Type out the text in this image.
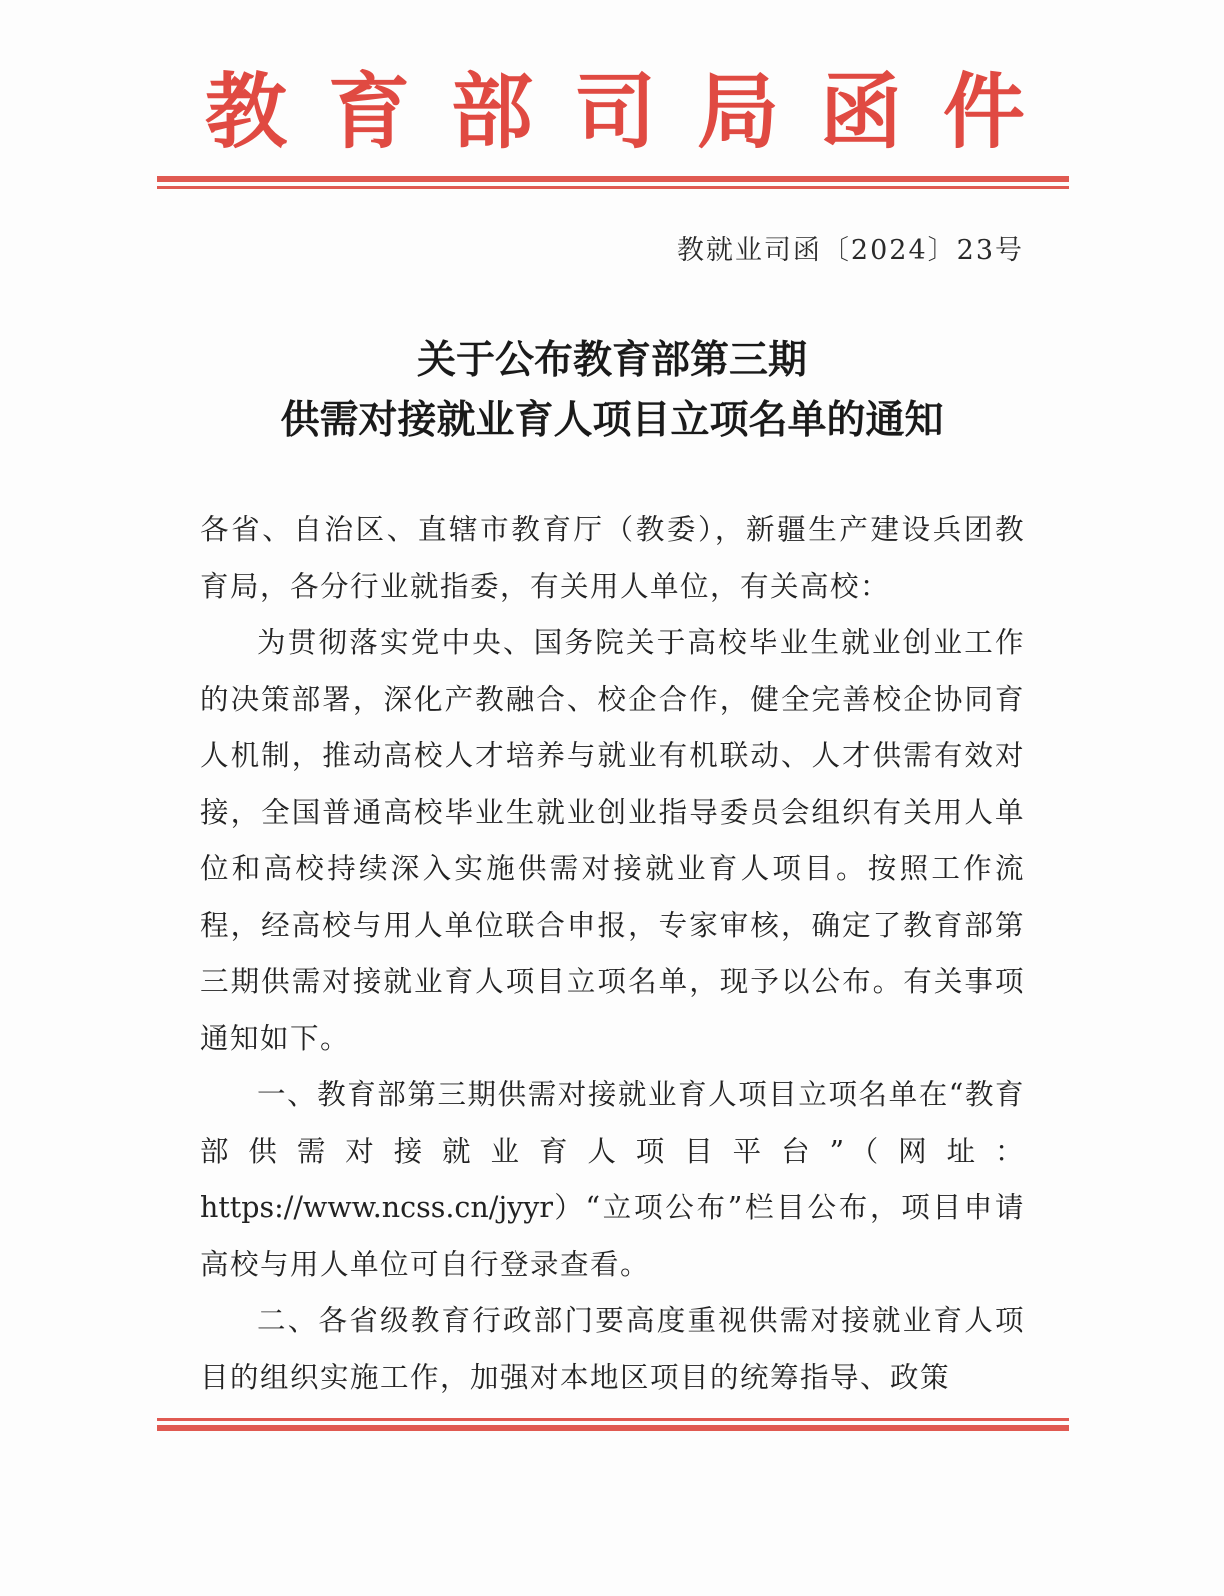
教 育 部 司 局 函 件
教就业司函〔2024〕23号
关于公布教育部第三期
供需对接就业育人项目立项名单的通知

各省、自治区、直辖市教育厅（教委），新疆生产建设兵团教育局，各分行业就指委，有关用人单位，有关高校：

为贯彻落实党中央、国务院关于高校毕业生就业创业工作的决策部署，深化产教融合、校企合作，健全完善校企协同育人机制，推动高校人才培养与就业有机联动、人才供需有效对接，全国普通高校毕业生就业创业指导委员会组织有关用人单位和高校持续深入实施供需对接就业育人项目。按照工作流程，经高校与用人单位联合申报，专家审核，确定了教育部第三期供需对接就业育人项目立项名单，现予以公布。有关事项通知如下。

一、教育部第三期供需对接就业育人项目立项名单在“教育部供需对接就业育人项目平台”（网址：https://www.ncss.cn/jyyr）“立项公布”栏目公布，项目申请高校与用人单位可自行登录查看。

二、各省级教育行政部门要高度重视供需对接就业育人项目的组织实施工作，加强对本地区项目的统筹指导、政策
